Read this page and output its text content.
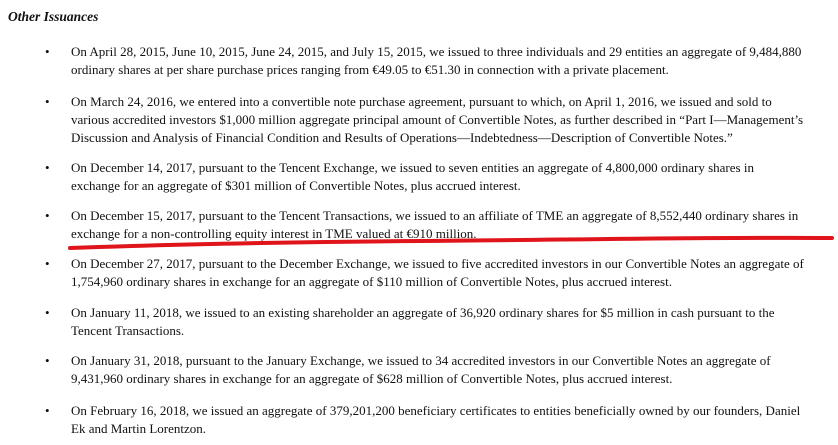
Other Issuances

• On April 28, 2015, June 10, 2015, June 24, 2015, and July 15, 2015, we issued to three individuals and 29 entities an aggregate of 9,484,880
ordinary shares at per share purchase prices ranging from €49.05 to €51.30 in connection with a private placement.
• On March 24, 2016, we entered into a convertible note purchase agreement, pursuant to which, on April 1, 2016, we issued and sold to
various accredited investors $1,000 million aggregate principal amount of Convertible Notes, as further described in “Part I—Management’s
Discussion and Analysis of Financial Condition and Results of Operations—Indebtedness—Description of Convertible Notes.”
• On December 14, 2017, pursuant to the Tencent Exchange, we issued to seven entities an aggregate of 4,800,000 ordinary shares in
exchange for an aggregate of $301 million of Convertible Notes, plus accrued interest.
• On December 15, 2017, pursuant to the Tencent Transactions, we issued to an affiliate of TME an aggregate of 8,552,440 ordinary shares in
exchange for a non-controlling equity interest in TME valued at €910 million.
• On December 27, 2017, pursuant to the December Exchange, we issued to five accredited investors in our Convertible Notes an aggregate of
1,754,960 ordinary shares in exchange for an aggregate of $110 million of Convertible Notes, plus accrued interest.
• On January 11, 2018, we issued to an existing shareholder an aggregate of 36,920 ordinary shares for $5 million in cash pursuant to the
Tencent Transactions.
• On January 31, 2018, pursuant to the January Exchange, we issued to 34 accredited investors in our Convertible Notes an aggregate of
9,431,960 ordinary shares in exchange for an aggregate of $628 million of Convertible Notes, plus accrued interest.
• On February 16, 2018, we issued an aggregate of 379,201,200 beneficiary certificates to entities beneficially owned by our founders, Daniel
Ek and Martin Lorentzon.
